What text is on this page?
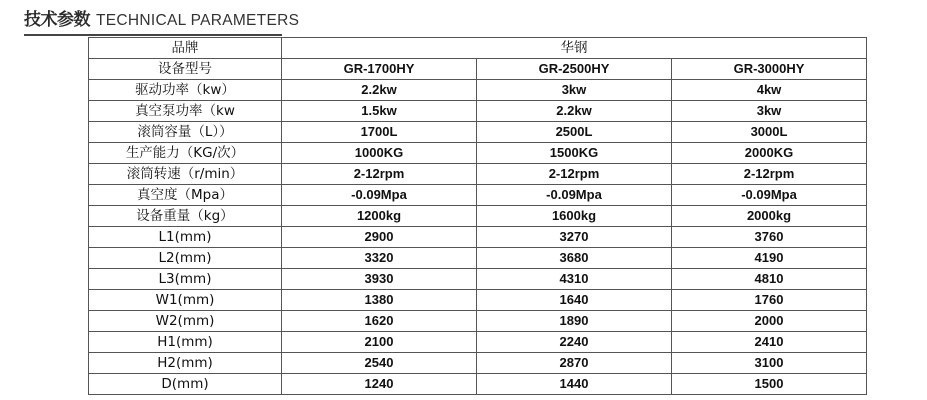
技术参数 TECHNICAL PARAMETERS
品牌	华钢		
设备型号	GR-1700HY	GR-2500HY	GR-3000HY
驱动功率（kw）	2.2kw	3kw	4kw
真空泵功率（kw	1.5kw	2.2kw	3kw
滚筒容量（L））	1700L	2500L	3000L
生产能力（KG/次）	1000KG	1500KG	2000KG
滚筒转速（r/min）	2-12rpm	2-12rpm	2-12rpm
真空度（Mpa）	-0.09Mpa	-0.09Mpa	-0.09Mpa
设备重量（kg）	1200kg	1600kg	2000kg
L1(mm)	2900	3270	3760
L2(mm)	3320	3680	4190
L3(mm)	3930	4310	4810
W1(mm)	1380	1640	1760
W2(mm)	1620	1890	2000
H1(mm)	2100	2240	2410
H2(mm)	2540	2870	3100
D(mm)	1240	1440	1500
